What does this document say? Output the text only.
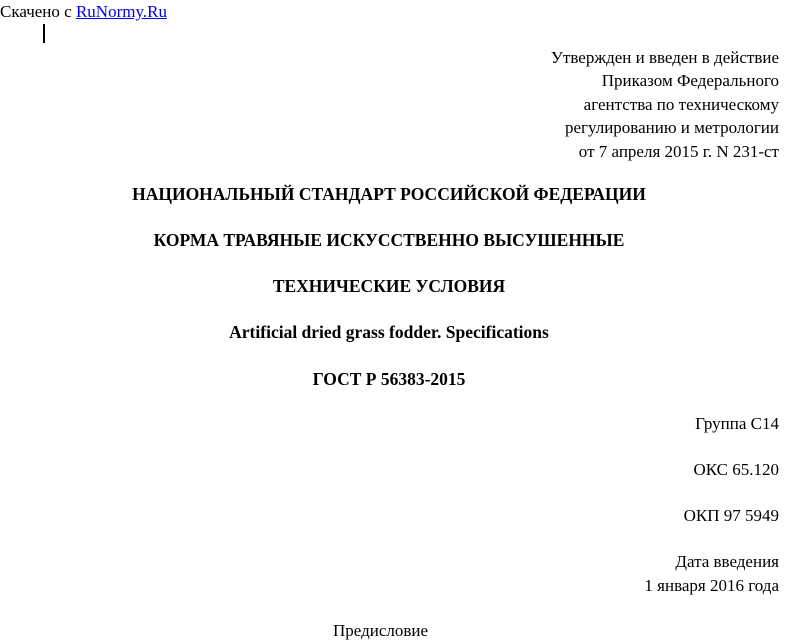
Скачено с RuNormy.Ru
Утвержден и введен в действие
Приказом Федерального
агентства по техническому
регулированию и метрологии
от 7 апреля 2015 г. N 231-ст
НАЦИОНАЛЬНЫЙ СТАНДАРТ РОССИЙСКОЙ ФЕДЕРАЦИИ
КОРМА ТРАВЯНЫЕ ИСКУССТВЕННО ВЫСУШЕННЫЕ
ТЕХНИЧЕСКИЕ УСЛОВИЯ
Artificial dried grass fodder. Specifications
ГОСТ Р 56383-2015
Группа С14
ОКС 65.120
ОКП 97 5949
Дата введения
1 января 2016 года
Предисловие
